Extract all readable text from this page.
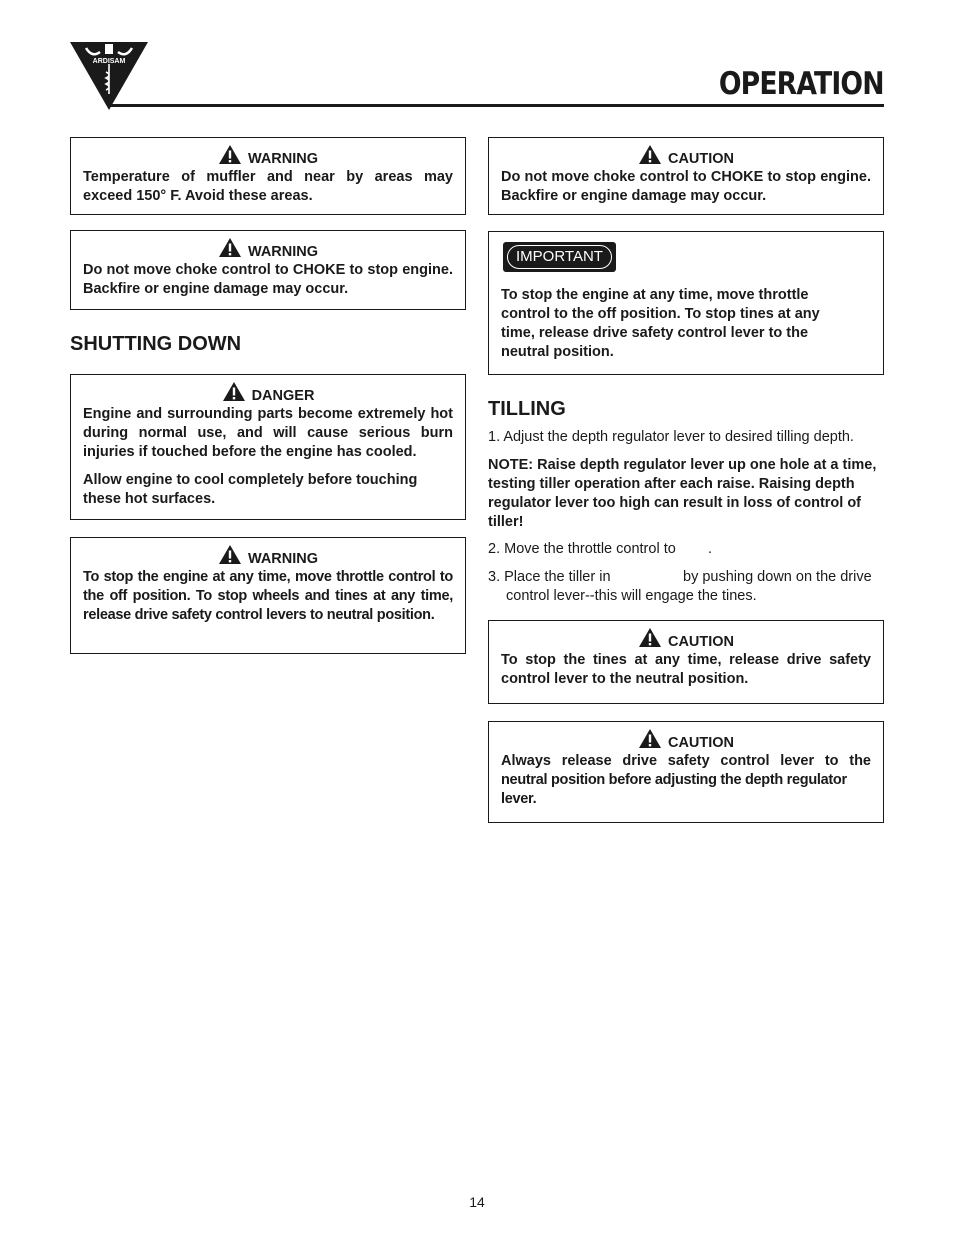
ARDISAM
OPERATION
WARNING
Temperature of muffler and near by areas may exceed 150° F. Avoid these areas.
WARNING
Do not move choke control to CHOKE to stop engine. Backfire or engine damage may occur.
SHUTTING DOWN
DANGER

Engine and surrounding parts become extremely hot during normal use, and will cause serious burn injuries if touched before the engine has cooled.

Allow engine to cool completely before touching these hot surfaces.

WARNING
To stop the engine at any time, move throttle control to the off position. To stop wheels and tines at any time, release drive safety control levers to neutral position.
CAUTION
Do not move choke control to CHOKE to stop engine. Backfire or engine damage may occur.
IMPORTANT
To stop the engine at any time, move throttle control to the off position. To stop tines at any time, release drive safety control lever to the neutral position.
TILLING
1. Adjust the depth regulator lever to desired tilling depth.
NOTE: Raise depth regulator lever up one hole at a time, testing tiller operation after each raise. Raising depth regulator lever too high can result in loss of control of tiller!
2. Move the throttle control to        .
3. Place the tiller in                  by pushing down on the drive control lever--this will engage the tines.
CAUTION
To stop the tines at any time, release drive safety control lever to the neutral position.
CAUTION
Always release drive safety control lever to the
neutral position before adjusting the depth regulator lever.
14
